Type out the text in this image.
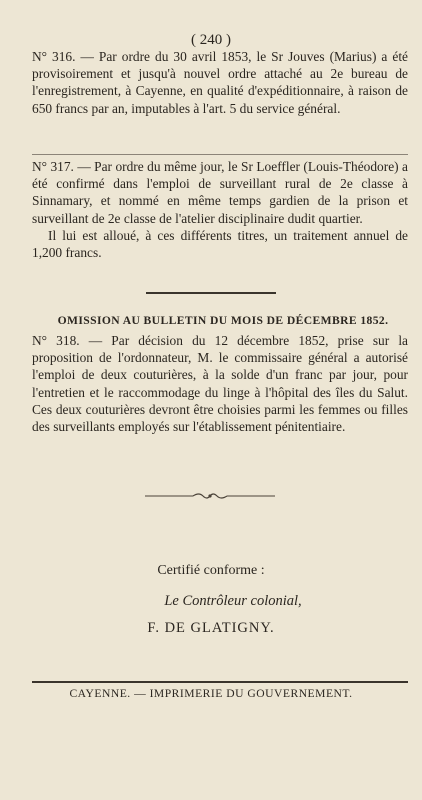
( 240 )

N° 316. — Par ordre du 30 avril 1853, le Sr Jouves (Marius) a été provisoirement et jusqu'à nouvel ordre attaché au 2e bureau de l'enregistrement, à Cayenne, en qualité d'expéditionnaire, à raison de 650 francs par an, imputables à l'art. 5 du service général.

N° 317. — Par ordre du même jour, le Sr Loeffler (Louis-Théodore) a été confirmé dans l'emploi de surveillant rural de 2e classe à Sinnamary, et nommé en même temps gardien de la prison et surveillant de 2e classe de l'atelier disciplinaire dudit quartier.

Il lui est alloué, à ces différents titres, un traitement annuel de 1,200 francs.

OMISSION AU BULLETIN DU MOIS DE DÉCEMBRE 1852.

N° 318. — Par décision du 12 décembre 1852, prise sur la proposition de l'ordonnateur, M. le commissaire général a autorisé l'emploi de deux couturières, à la solde d'un franc par jour, pour l'entretien et le raccommodage du linge à l'hôpital des îles du Salut. Ces deux couturières devront être choisies parmi les femmes ou filles des surveillants employés sur l'établissement pénitentiaire.

Certifié conforme :
Le Contrôleur colonial,
F. DE GLATIGNY.
CAYENNE. — IMPRIMERIE DU GOUVERNEMENT.
